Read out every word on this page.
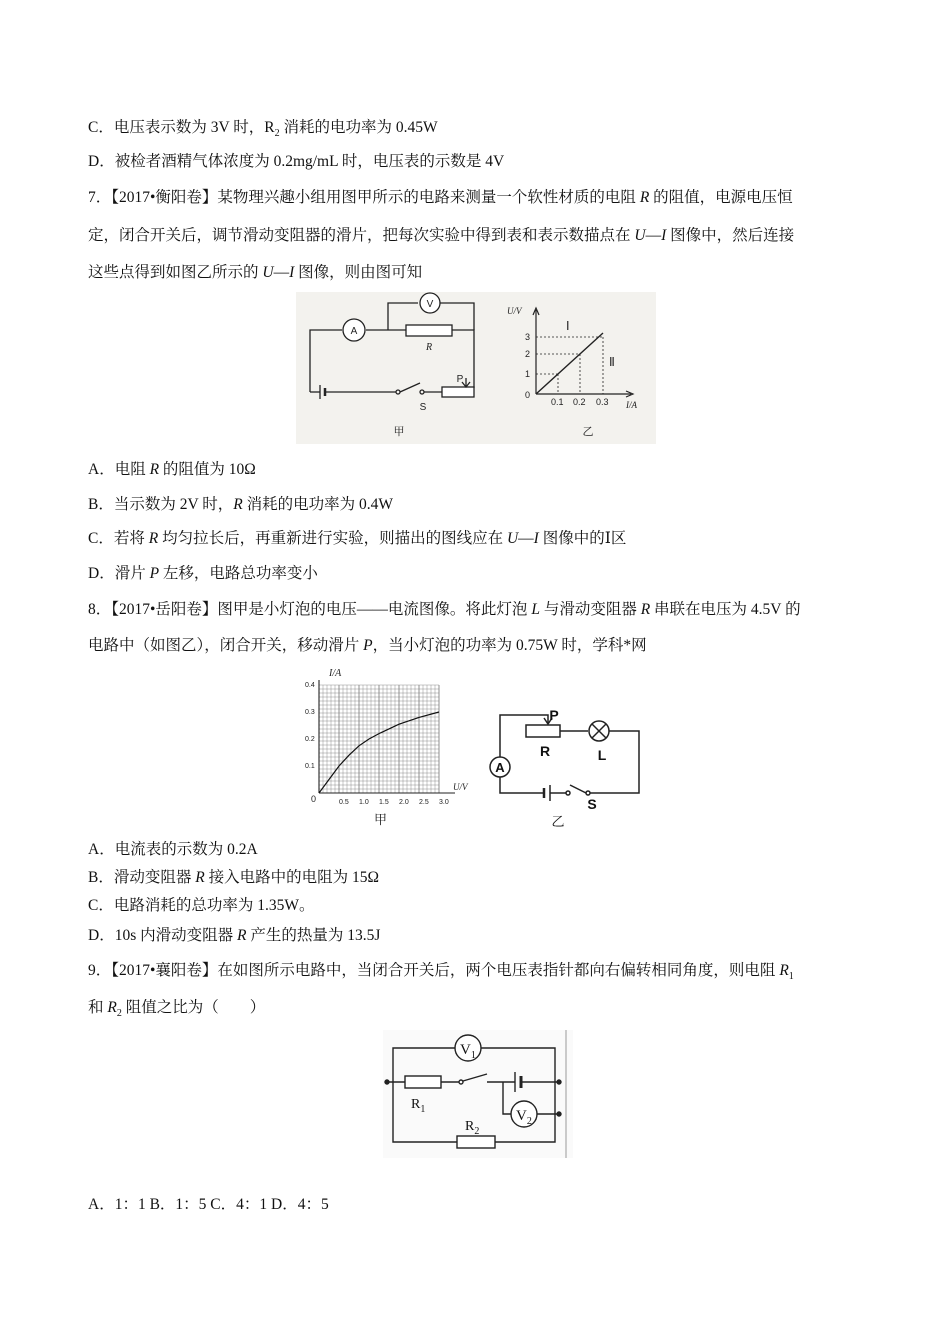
C．电压表示数为 3V 时，$R_2$ 消耗的电功率为 0.45W
D．被检者酒精气体浓度为 0.2mg/mL 时，电压表的示数是 4V
7．【2017•衡阳卷】某物理兴趣小组用图甲所示的电路来测量一个软性材质的电阻 R 的阻值，电源电压恒
定，闭合开关后，调节滑动变阻器的滑片，把每次实验中得到表和表示数描点在 U—I 图像中，然后连接
这些点得到如图乙所示的 U—I 图像，则由图可知
A
V
R
P
S
甲	乙
U/V
I/A
3
2
1
0
0.1 0.2 0.3
Ⅰ
Ⅱ
A．电阻 R 的阻值为 10Ω
B．当示数为 2V 时，R 消耗的电功率为 0.4W
C．若将 R 均匀拉长后，再重新进行实验，则描出的图线应在 U—I 图像中的Ⅰ区
D．滑片 P 左移，电路总功率变小
8．【2017•岳阳卷】图甲是小灯泡的电压——电流图像。将此灯泡 L 与滑动变阻器 R 串联在电压为 4.5V 的
电路中（如图乙），闭合开关，移动滑片 P，当小灯泡的功率为 0.75W 时，学科*网
I/A
U/V
0.4
0.3
0.2
0.1
0	0.5 1.0 1.5 2.0 2.5 3.0
甲
A
P
R	L
S
乙
A．电流表的示数为 0.2A
B．滑动变阻器 R 接入电路中的电阻为 15Ω
C．电路消耗的总功率为 1.35W。
D．10s 内滑动变阻器 R 产生的热量为 13.5J
9．【2017•襄阳卷】在如图所示电路中，当闭合开关后，两个电压表指针都向右偏转相同角度，则电阻 $R_1$
和 $R_2$ 阻值之比为（　　）
$V_1$
$V_2$
$R_1$
$R_2$
A．1：1 B．1：5 C．4：1 D．4：5
